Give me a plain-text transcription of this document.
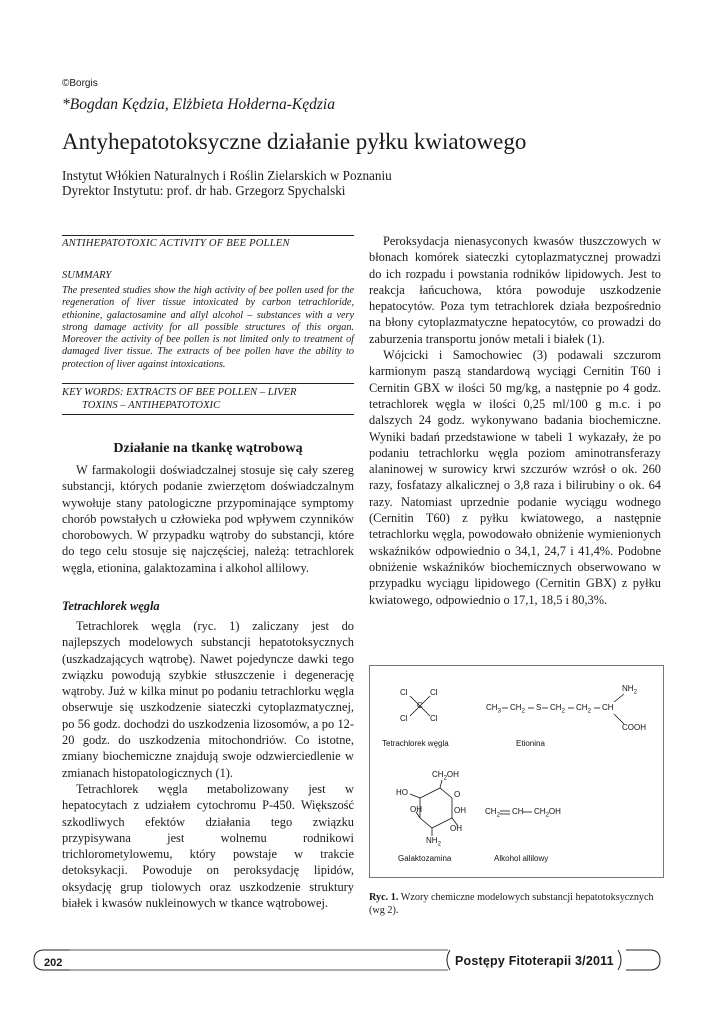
©Borgis
*Bogdan Kędzia, Elżbieta Hołderna-Kędzia
Antyhepatotoksyczne działanie pyłku kwiatowego
Instytut Włókien Naturalnych i Roślin Zielarskich w Poznaniu
Dyrektor Instytutu: prof. dr hab. Grzegorz Spychalski
ANTIHEPATOTOXIC ACTIVITY OF BEE POLLEN
SUMMARY
The presented studies show the high activity of bee pollen used for the regeneration of liver tissue intoxicated by carbon tetrachloride, ethionine, galactosamine and allyl alcohol – substances with a very strong damage activity for all possible structures of this organ. Moreover the activity of bee pollen is not limited only to treatment of damaged liver tissue. The extracts of bee pollen have the ability to protection of liver against intoxications.
KEY WORDS: EXTRACTS OF BEE POLLEN – LIVER
TOXINS – ANTIHEPATOTOXIC
Działanie na tkankę wątrobową

W farmakologii doświadczalnej stosuje się cały szereg substancji, których podanie zwierzętom doświadczalnym wywołuje stany patologiczne przypominające symptomy chorób powstałych u człowieka pod wpływem czynników chorobowych. W przypadku wątroby do substancji, które do tego celu stosuje się najczęściej, należą: tetrachlorek węgla, etionina, galaktozamina i alkohol allilowy.

Tetrachlorek węgla

Tetrachlorek węgla (ryc. 1) zaliczany jest do najlepszych modelowych substancji hepatotoksycznych (uszkadzających wątrobę). Nawet pojedyncze dawki tego związku powodują szybkie stłuszczenie i degenerację wątroby. Już w kilka minut po podaniu tetrachlorku węgla obserwuje się uszkodzenie siateczki cytoplazmatycznej, po 56 godz. dochodzi do uszkodzenia lizosomów, a po 12-20 godz. do uszkodzenia mitochondriów. Co istotne, zmiany biochemiczne znajdują swoje odzwierciedlenie w zmianach histopatologicznych (1).

Tetrachlorek węgla metabolizowany jest w hepatocytach z udziałem cytochromu P-450. Większość szkodliwych efektów działania tego związku przypisywana jest wolnemu rodnikowi trichlorometylowemu, który powstaje w trakcie detoksykacji. Powoduje on peroksydację lipidów, oksydację grup tiolowych oraz uszkodzenie struktury białek i kwasów nukleinowych w tkance wątrobowej.

Peroksydacja nienasyconych kwasów tłuszczowych w błonach komórek siateczki cytoplazmatycznej prowadzi do ich rozpadu i powstania rodników lipidowych. Jest to reakcja łańcuchowa, która powoduje uszkodzenie hepatocytów. Poza tym tetrachlorek działa bezpośrednio na błony cytoplazmatyczne hepatocytów, co prowadzi do zaburzenia transportu jonów metali i białek (1).

Wójcicki i Samochowiec (3) podawali szczurom karmionym paszą standardową wyciągi Cernitin T60 i Cernitin GBX w ilości 50 mg/kg, a następnie po 4 godz. tetrachlorek węgla w ilości 0,25 ml/100 g m.c. i po dalszych 24 godz. wykonywano badania biochemiczne. Wyniki badań przedstawione w tabeli 1 wykazały, że po podaniu tetrachlorku węgla poziom aminotransferazy alaninowej w surowicy krwi szczurów wzrósł o ok. 260 razy, fosfatazy alkalicznej o 3,8 raza i bilirubiny o ok. 64 razy. Natomiast uprzednie podanie wyciągu wodnego (Cernitin T60) z pyłku kwiatowego, a następnie tetrachlorku węgla, powodowało obniżenie wymienionych wskaźników odpowiednio o 34,1, 24,7 i 41,4%. Podobne obniżenie wskaźników biochemicznych obserwowano w przypadku wyciągu lipidowego (Cernitin GBX) z pyłku kwiatowego, odpowiednio o 17,1, 18,5 i 80,3%.

Cl	Cl
C
Cl	Cl
Tetrachlorek węgla
$CH_3$ $CH_2$ S $CH_2$ $CH_2$ CH
$NH_2$
COOH
Etionina
$CH_2OH$
HO	O
OH
OH
OH
$NH_2$
Galaktozamina
$CH_2$ CH $CH_2OH$
Alkohol allilowy
Ryc. 1. Wzory chemiczne modelowych substancji hepatotoksycznych (wg 2).
202	Postępy Fitoterapii 3/2011
